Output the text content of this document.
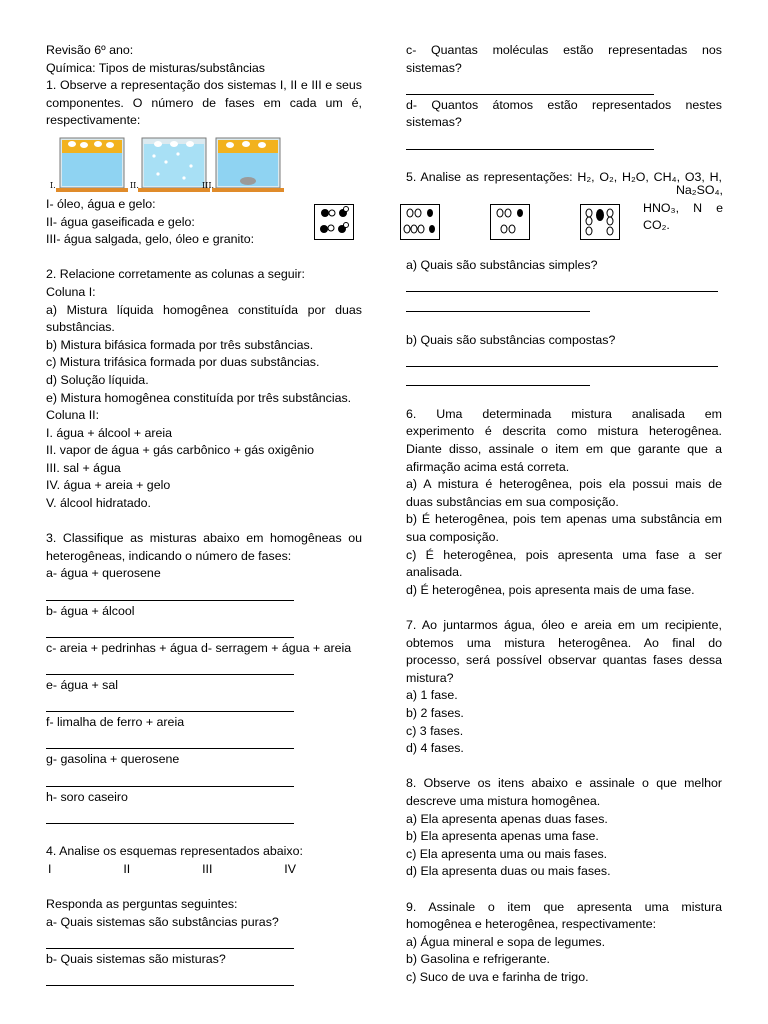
Revisão 6º ano:
Química: Tipos de misturas/substâncias
1. Observe a representação dos sistemas I, II e III e seus
componentes. O número de fases em cada um é,
respectivamente:
I.	II.	III.
I- óleo, água e gelo:
II- água gaseificada e gelo:
III- água salgada, gelo, óleo e granito:
2. Relacione corretamente as colunas a seguir:
Coluna I:
a) Mistura líquida homogênea constituída por duas
substâncias.
b) Mistura bifásica formada por três substâncias.
c) Mistura trifásica formada por duas substâncias.
d) Solução líquida.
e) Mistura homogênea constituída por três substâncias.
Coluna II:
I. água + álcool + areia
II. vapor de água + gás carbônico + gás oxigênio
III. sal + água
IV. água + areia + gelo
V. álcool hidratado.
3. Classifique as misturas abaixo em homogêneas ou
heterogêneas, indicando o número de fases:
a- água + querosene
b- água + álcool
c- areia + pedrinhas + água d- serragem + água + areia
e- água + sal
f- limalha de ferro + areia
g- gasolina + querosene
h- soro caseiro
4. Analise os esquemas representados abaixo:
I	II	III	IV
Responda as perguntas seguintes:
a- Quais sistemas são substâncias puras?
b- Quais sistemas são misturas?
Na₂SO₄,
HNO₃, N e
CO₂.
c- Quantas moléculas estão representadas nos
sistemas?
d- Quantos átomos estão representados nestes
sistemas?
5. Analise as representações: H₂, O₂, H₂O, CH₄, O3, H,
a) Quais são substâncias simples?
b) Quais são substâncias compostas?
6. Uma determinada mistura analisada em
experimento é descrita como mistura heterogênea.
Diante disso, assinale o item em que garante que a
afirmação acima está correta.
a) A mistura é heterogênea, pois ela possui mais de
duas substâncias em sua composição.
b) É heterogênea, pois tem apenas uma substância em
sua composição.
c) É heterogênea, pois apresenta uma fase a ser
analisada.
d) É heterogênea, pois apresenta mais de uma fase.
7. Ao juntarmos água, óleo e areia em um recipiente,
obtemos uma mistura heterogênea. Ao final do
processo, será possível observar quantas fases dessa
mistura?
a) 1 fase.
b) 2 fases.
c) 3 fases.
d) 4 fases.
8. Observe os itens abaixo e assinale o que melhor
descreve uma mistura homogênea.
a) Ela apresenta apenas duas fases.
b) Ela apresenta apenas uma fase.
c) Ela apresenta uma ou mais fases.
d) Ela apresenta duas ou mais fases.
9. Assinale o item que apresenta uma mistura
homogênea e heterogênea, respectivamente:
a) Água mineral e sopa de legumes.
b) Gasolina e refrigerante.
c) Suco de uva e farinha de trigo.
